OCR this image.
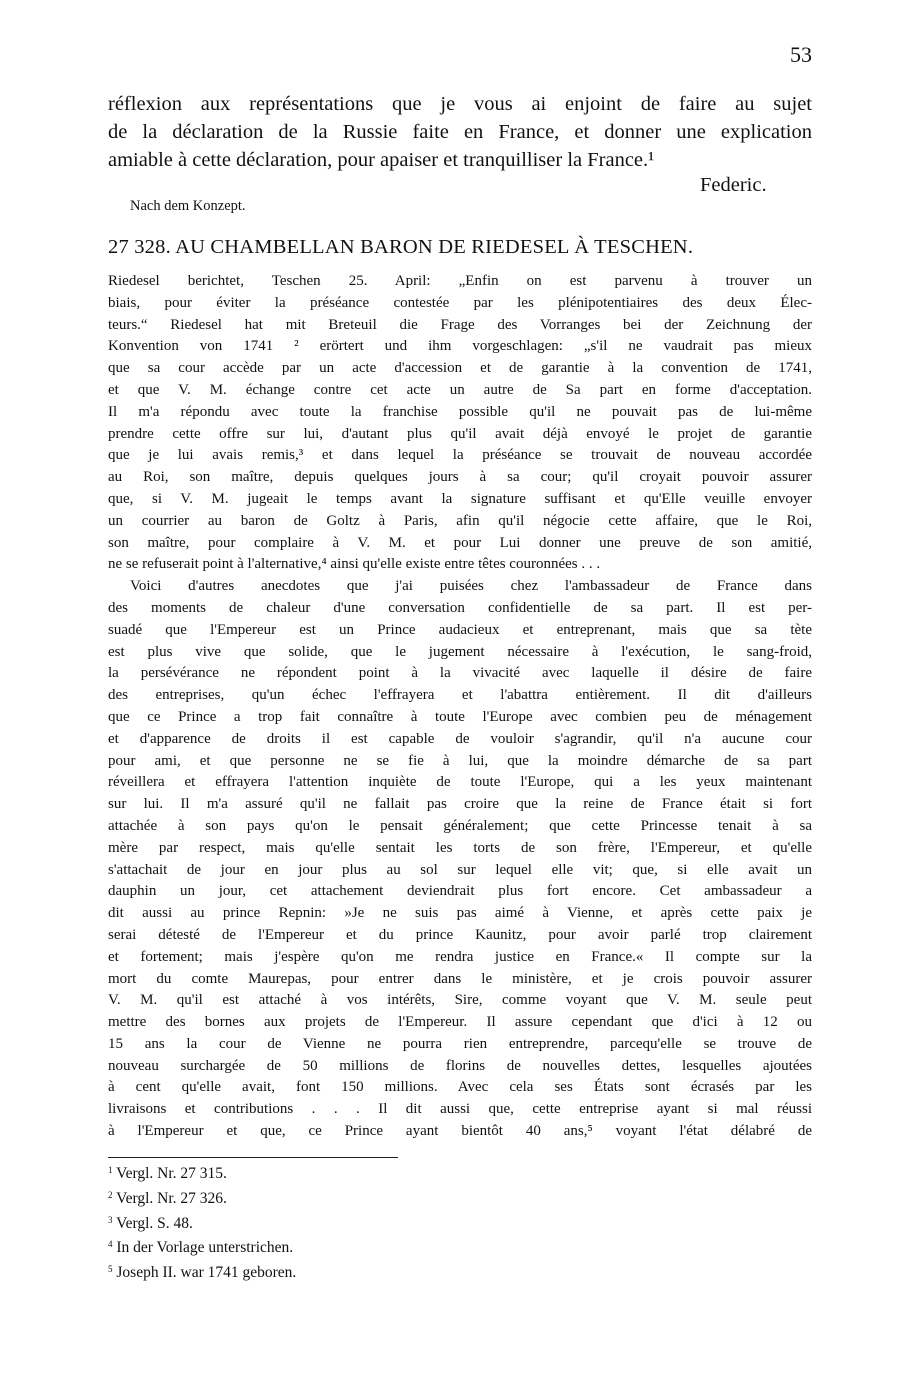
53
réflexion aux représentations que je vous ai enjoint de faire au sujet
de la déclaration de la Russie faite en France, et donner une explication
amiable à cette déclaration, pour apaiser et tranquilliser la France.¹
Federic.
Nach dem Konzept.
27 328. AU CHAMBELLAN BARON DE RIEDESEL À TESCHEN.
Riedesel berichtet, Teschen 25. April: „Enfin on est parvenu à trouver un
biais, pour éviter la préséance contestée par les plénipotentiaires des deux Élec-
teurs.“ Riedesel hat mit Breteuil die Frage des Vorranges bei der Zeichnung der
Konvention von 1741 ² erörtert und ihm vorgeschlagen: „s'il ne vaudrait pas mieux
que sa cour accède par un acte d'accession et de garantie à la convention de 1741,
et que V. M. échange contre cet acte un autre de Sa part en forme d'acceptation.
Il m'a répondu avec toute la franchise possible qu'il ne pouvait pas de lui-même
prendre cette offre sur lui, d'autant plus qu'il avait déjà envoyé le projet de garantie
que je lui avais remis,³ et dans lequel la préséance se trouvait de nouveau accordée
au Roi, son maître, depuis quelques jours à sa cour; qu'il croyait pouvoir assurer
que, si V. M. jugeait le temps avant la signature suffisant et qu'Elle veuille envoyer
un courrier au baron de Goltz à Paris, afin qu'il négocie cette affaire, que le Roi,
son maître, pour complaire à V. M. et pour Lui donner une preuve de son amitié,
ne se refuserait point à l'alternative,⁴ ainsi qu'elle existe entre têtes couronnées . . .
Voici d'autres anecdotes que j'ai puisées chez l'ambassadeur de France dans
des moments de chaleur d'une conversation confidentielle de sa part. Il est per-
suadé que l'Empereur est un Prince audacieux et entreprenant, mais que sa tète
est plus vive que solide, que le jugement nécessaire à l'exécution, le sang-froid,
la persévérance ne répondent point à la vivacité avec laquelle il désire de faire
des entreprises, qu'un échec l'effrayera et l'abattra entièrement. Il dit d'ailleurs
que ce Prince a trop fait connaître à toute l'Europe avec combien peu de ménagement
et d'apparence de droits il est capable de vouloir s'agrandir, qu'il n'a aucune cour
pour ami, et que personne ne se fie à lui, que la moindre démarche de sa part
réveillera et effrayera l'attention inquiète de toute l'Europe, qui a les yeux maintenant
sur lui. Il m'a assuré qu'il ne fallait pas croire que la reine de France était si fort
attachée à son pays qu'on le pensait généralement; que cette Princesse tenait à sa
mère par respect, mais qu'elle sentait les torts de son frère, l'Empereur, et qu'elle
s'attachait de jour en jour plus au sol sur lequel elle vit; que, si elle avait un
dauphin un jour, cet attachement deviendrait plus fort encore. Cet ambassadeur a
dit aussi au prince Repnin: »Je ne suis pas aimé à Vienne, et après cette paix je
serai détesté de l'Empereur et du prince Kaunitz, pour avoir parlé trop clairement
et fortement; mais j'espère qu'on me rendra justice en France.« Il compte sur la
mort du comte Maurepas, pour entrer dans le ministère, et je crois pouvoir assurer
V. M. qu'il est attaché à vos intérêts, Sire, comme voyant que V. M. seule peut
mettre des bornes aux projets de l'Empereur. Il assure cependant que d'ici à 12 ou
15 ans la cour de Vienne ne pourra rien entreprendre, parcequ'elle se trouve de
nouveau surchargée de 50 millions de florins de nouvelles dettes, lesquelles ajoutées
à cent qu'elle avait, font 150 millions. Avec cela ses États sont écrasés par les
livraisons et contributions . . . Il dit aussi que, cette entreprise ayant si mal réussi
à l'Empereur et que, ce Prince ayant bientôt 40 ans,⁵ voyant l'état délabré de
$^1$ Vergl. Nr. 27 315.
$^2$ Vergl. Nr. 27 326.
$^3$ Vergl. S. 48.
$^4$ In der Vorlage unterstrichen.
$^5$ Joseph II. war 1741 geboren.
